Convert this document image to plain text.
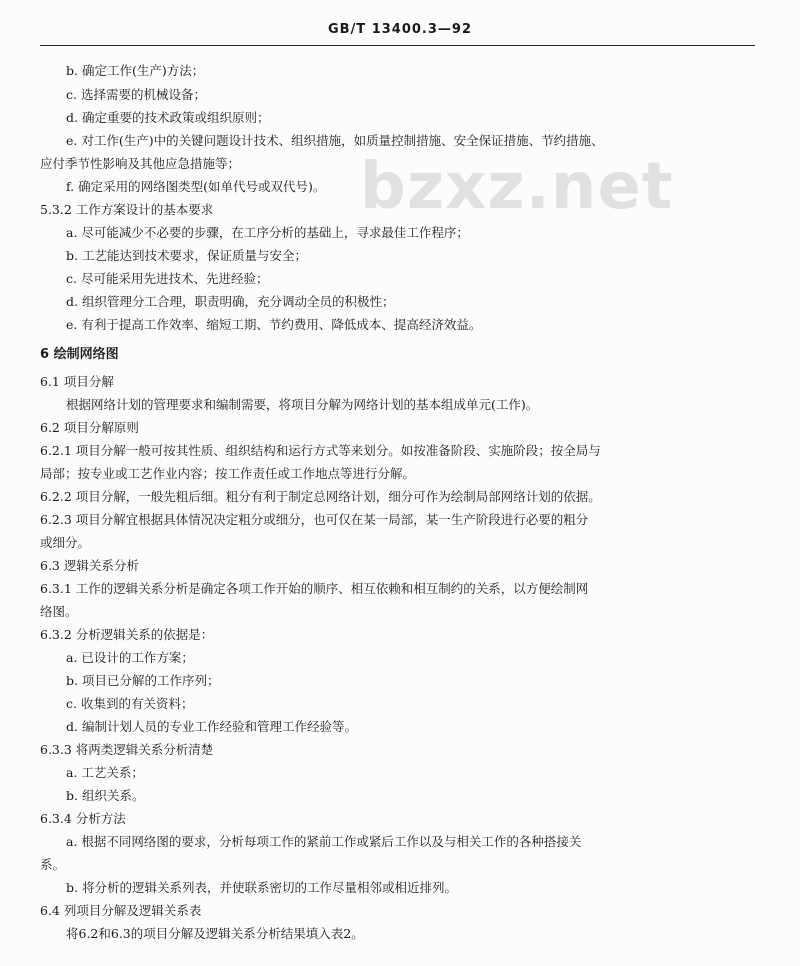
GB/T 13400.3—92
bzxz.net
b. 确定工作(生产)方法；
c. 选择需要的机械设备；
d. 确定重要的技术政策或组织原则；
e. 对工作(生产)中的关键问题设计技术、组织措施，如质量控制措施、安全保证措施、节约措施、
应付季节性影响及其他应急措施等；
f. 确定采用的网络图类型(如单代号或双代号)。
5.3.2 工作方案设计的基本要求
a. 尽可能减少不必要的步骤，在工序分析的基础上，寻求最佳工作程序；
b. 工艺能达到技术要求，保证质量与安全；
c. 尽可能采用先进技术、先进经验；
d. 组织管理分工合理，职责明确，充分调动全员的积极性；
e. 有利于提高工作效率、缩短工期、节约费用、降低成本、提高经济效益。
6 绘制网络图
6.1 项目分解
根据网络计划的管理要求和编制需要，将项目分解为网络计划的基本组成单元(工作)。
6.2 项目分解原则
6.2.1 项目分解一般可按其性质、组织结构和运行方式等来划分。如按准备阶段、实施阶段；按全局与
局部；按专业或工艺作业内容；按工作责任或工作地点等进行分解。
6.2.2 项目分解，一般先粗后细。粗分有利于制定总网络计划，细分可作为绘制局部网络计划的依据。
6.2.3 项目分解宜根据具体情况决定粗分或细分，也可仅在某一局部，某一生产阶段进行必要的粗分
或细分。
6.3 逻辑关系分析
6.3.1 工作的逻辑关系分析是确定各项工作开始的顺序、相互依赖和相互制约的关系，以方便绘制网
络图。
6.3.2 分析逻辑关系的依据是：
a. 已设计的工作方案；
b. 项目已分解的工作序列；
c. 收集到的有关资料；
d. 编制计划人员的专业工作经验和管理工作经验等。
6.3.3 将两类逻辑关系分析清楚
a. 工艺关系；
b. 组织关系。
6.3.4 分析方法
a. 根据不同网络图的要求，分析每项工作的紧前工作或紧后工作以及与相关工作的各种搭接关
系。
b. 将分析的逻辑关系列表，并使联系密切的工作尽量相邻或相近排列。
6.4 列项目分解及逻辑关系表
将6.2和6.3的项目分解及逻辑关系分析结果填入表2。
